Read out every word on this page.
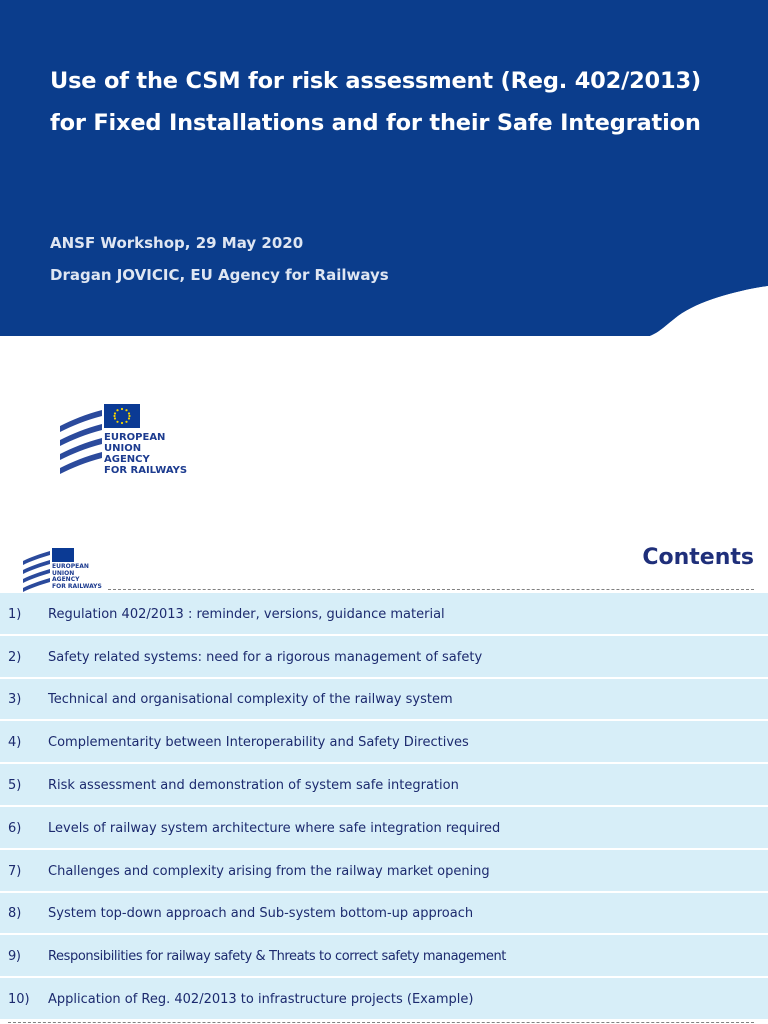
Use of the CSM for risk assessment (Reg. 402/2013)
for Fixed Installations and for their Safe Integration
ANSF Workshop, 29 May 2020
Dragan JOVICIC, EU Agency for Railways
EUROPEAN
UNION
AGENCY
FOR RAILWAYS
EUROPEAN
UNION
AGENCY
FOR RAILWAYS
Contents
1)	Regulation 402/2013 : reminder, versions, guidance material
2)	Safety related systems: need for a rigorous management of safety
3)	Technical and organisational complexity of the railway system
4)	Complementarity between Interoperability and Safety Directives
5)	Risk assessment and demonstration of system safe integration
6)	Levels of railway system architecture where safe integration required
7)	Challenges and complexity arising from the railway market opening
8)	System top-down approach and Sub-system bottom-up approach
9)	Responsibilities for railway safety & Threats to correct safety management
10)	Application of Reg. 402/2013 to infrastructure projects (Example)
